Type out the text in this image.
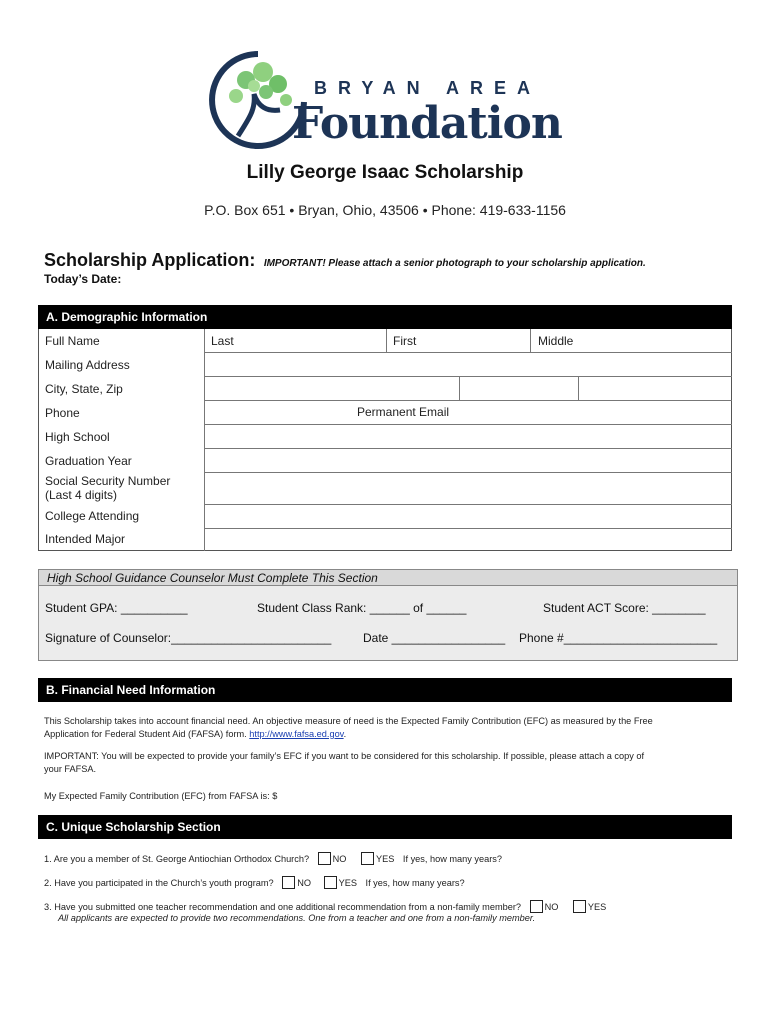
BRYAN AREA
Foundation
Lilly George Isaac Scholarship
P.O. Box 651 • Bryan, Ohio, 43506 • Phone: 419-633-1156
Scholarship Application: IMPORTANT! Please attach a senior photograph to your scholarship application.
Today’s Date:
A. Demographic Information
Full Name	Last	First	Middle
Mailing Address
City, State, Zip
Phone	Permanent Email
High School
Graduation Year
Social Security Number
(Last 4 digits)
College Attending
Intended Major
High School Guidance Counselor Must Complete This Section
Student GPA: __________	Student Class Rank: ______ of ______	Student ACT Score: ________
Signature of Counselor:________________________	Date _________________ Phone #_______________________
B. Financial Need Information
This Scholarship takes into account financial need. An objective measure of need is the Expected Family Contribution (EFC) as measured by the Free
Application for Federal Student Aid (FAFSA) form. http://www.fafsa.ed.gov.
IMPORTANT: You will be expected to provide your family’s EFC if you want to be considered for this scholarship. If possible, please attach a copy of
your FAFSA.
My Expected Family Contribution (EFC) from FAFSA is: $
C. Unique Scholarship Section
1. Are you a member of St. George Antiochian Orthodox Church?	NO	YES If yes, how many years?
2. Have you participated in the Church’s youth program?	NO	YES If yes, how many years?
3. Have you submitted one teacher recommendation and one additional recommendation from a non-family member?	NO	YES
All applicants are expected to provide two recommendations. One from a teacher and one from a non-family member.
